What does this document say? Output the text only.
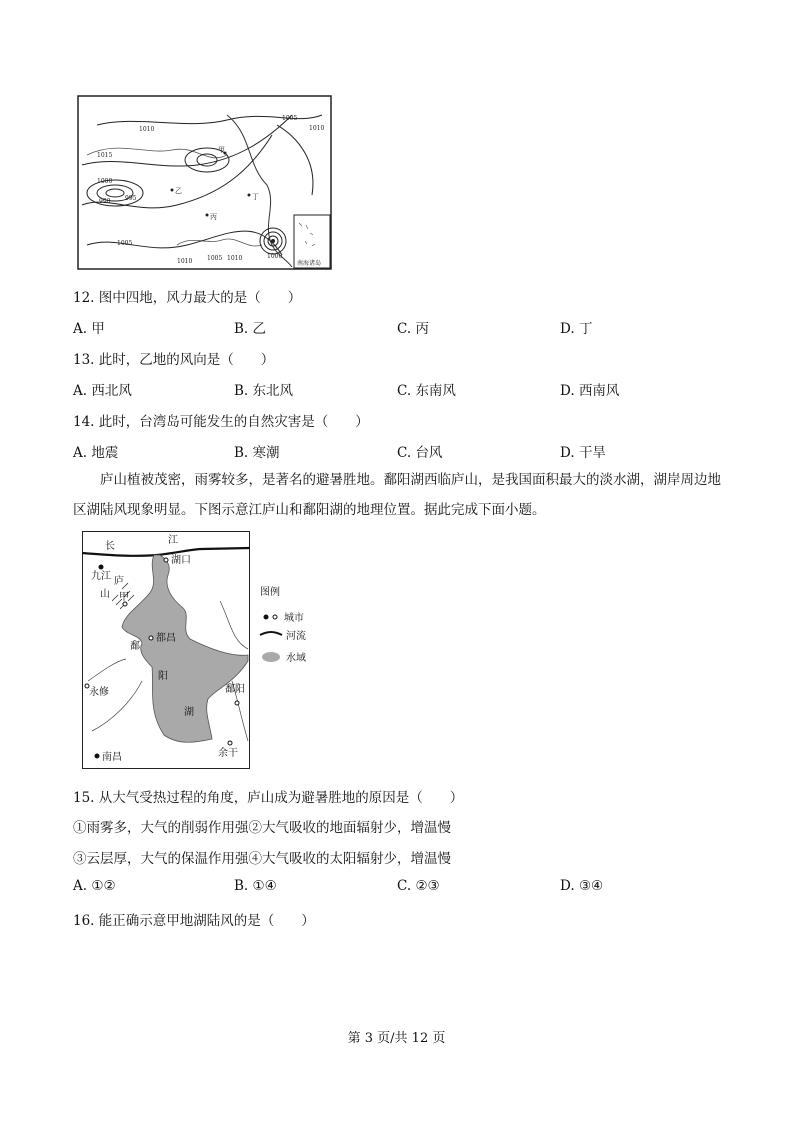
1010
1015
1005
1000
995
990
1005
1010
1010
1005 1010	1000
甲
乙
丙
丁
南海诸岛
12. 图中四地，风力最大的是（　　）
A. 甲	B. 乙	C. 丙	D. 丁
13. 此时，乙地的风向是（　　）
A. 西北风	B. 东北风	C. 东南风	D. 西南风
14. 此时，台湾岛可能发生的自然灾害是（　　）
A. 地震	B. 寒潮	C. 台风	D. 干旱
庐山植被茂密，雨雾较多，是著名的避暑胜地。鄱阳湖西临庐山，是我国面积最大的淡水湖，湖岸周边地区湖陆风现象明显。下图示意江庐山和鄱阳湖的地理位置。据此完成下面小题。
长
江
湖口
九江 庐
山 甲
都昌
鄱
阳
湖
永修	鄱阳
余干
南昌
图例
城市
河流
水域
15. 从大气受热过程的角度，庐山成为避暑胜地的原因是（　　）
①雨雾多，大气的削弱作用强②大气吸收的地面辐射少，增温慢
③云层厚，大气的保温作用强④大气吸收的太阳辐射少，增温慢
A. ①②	B. ①④	C. ②③	D. ③④
16. 能正确示意甲地湖陆风的是（　　）
第 3 页/共 12 页
